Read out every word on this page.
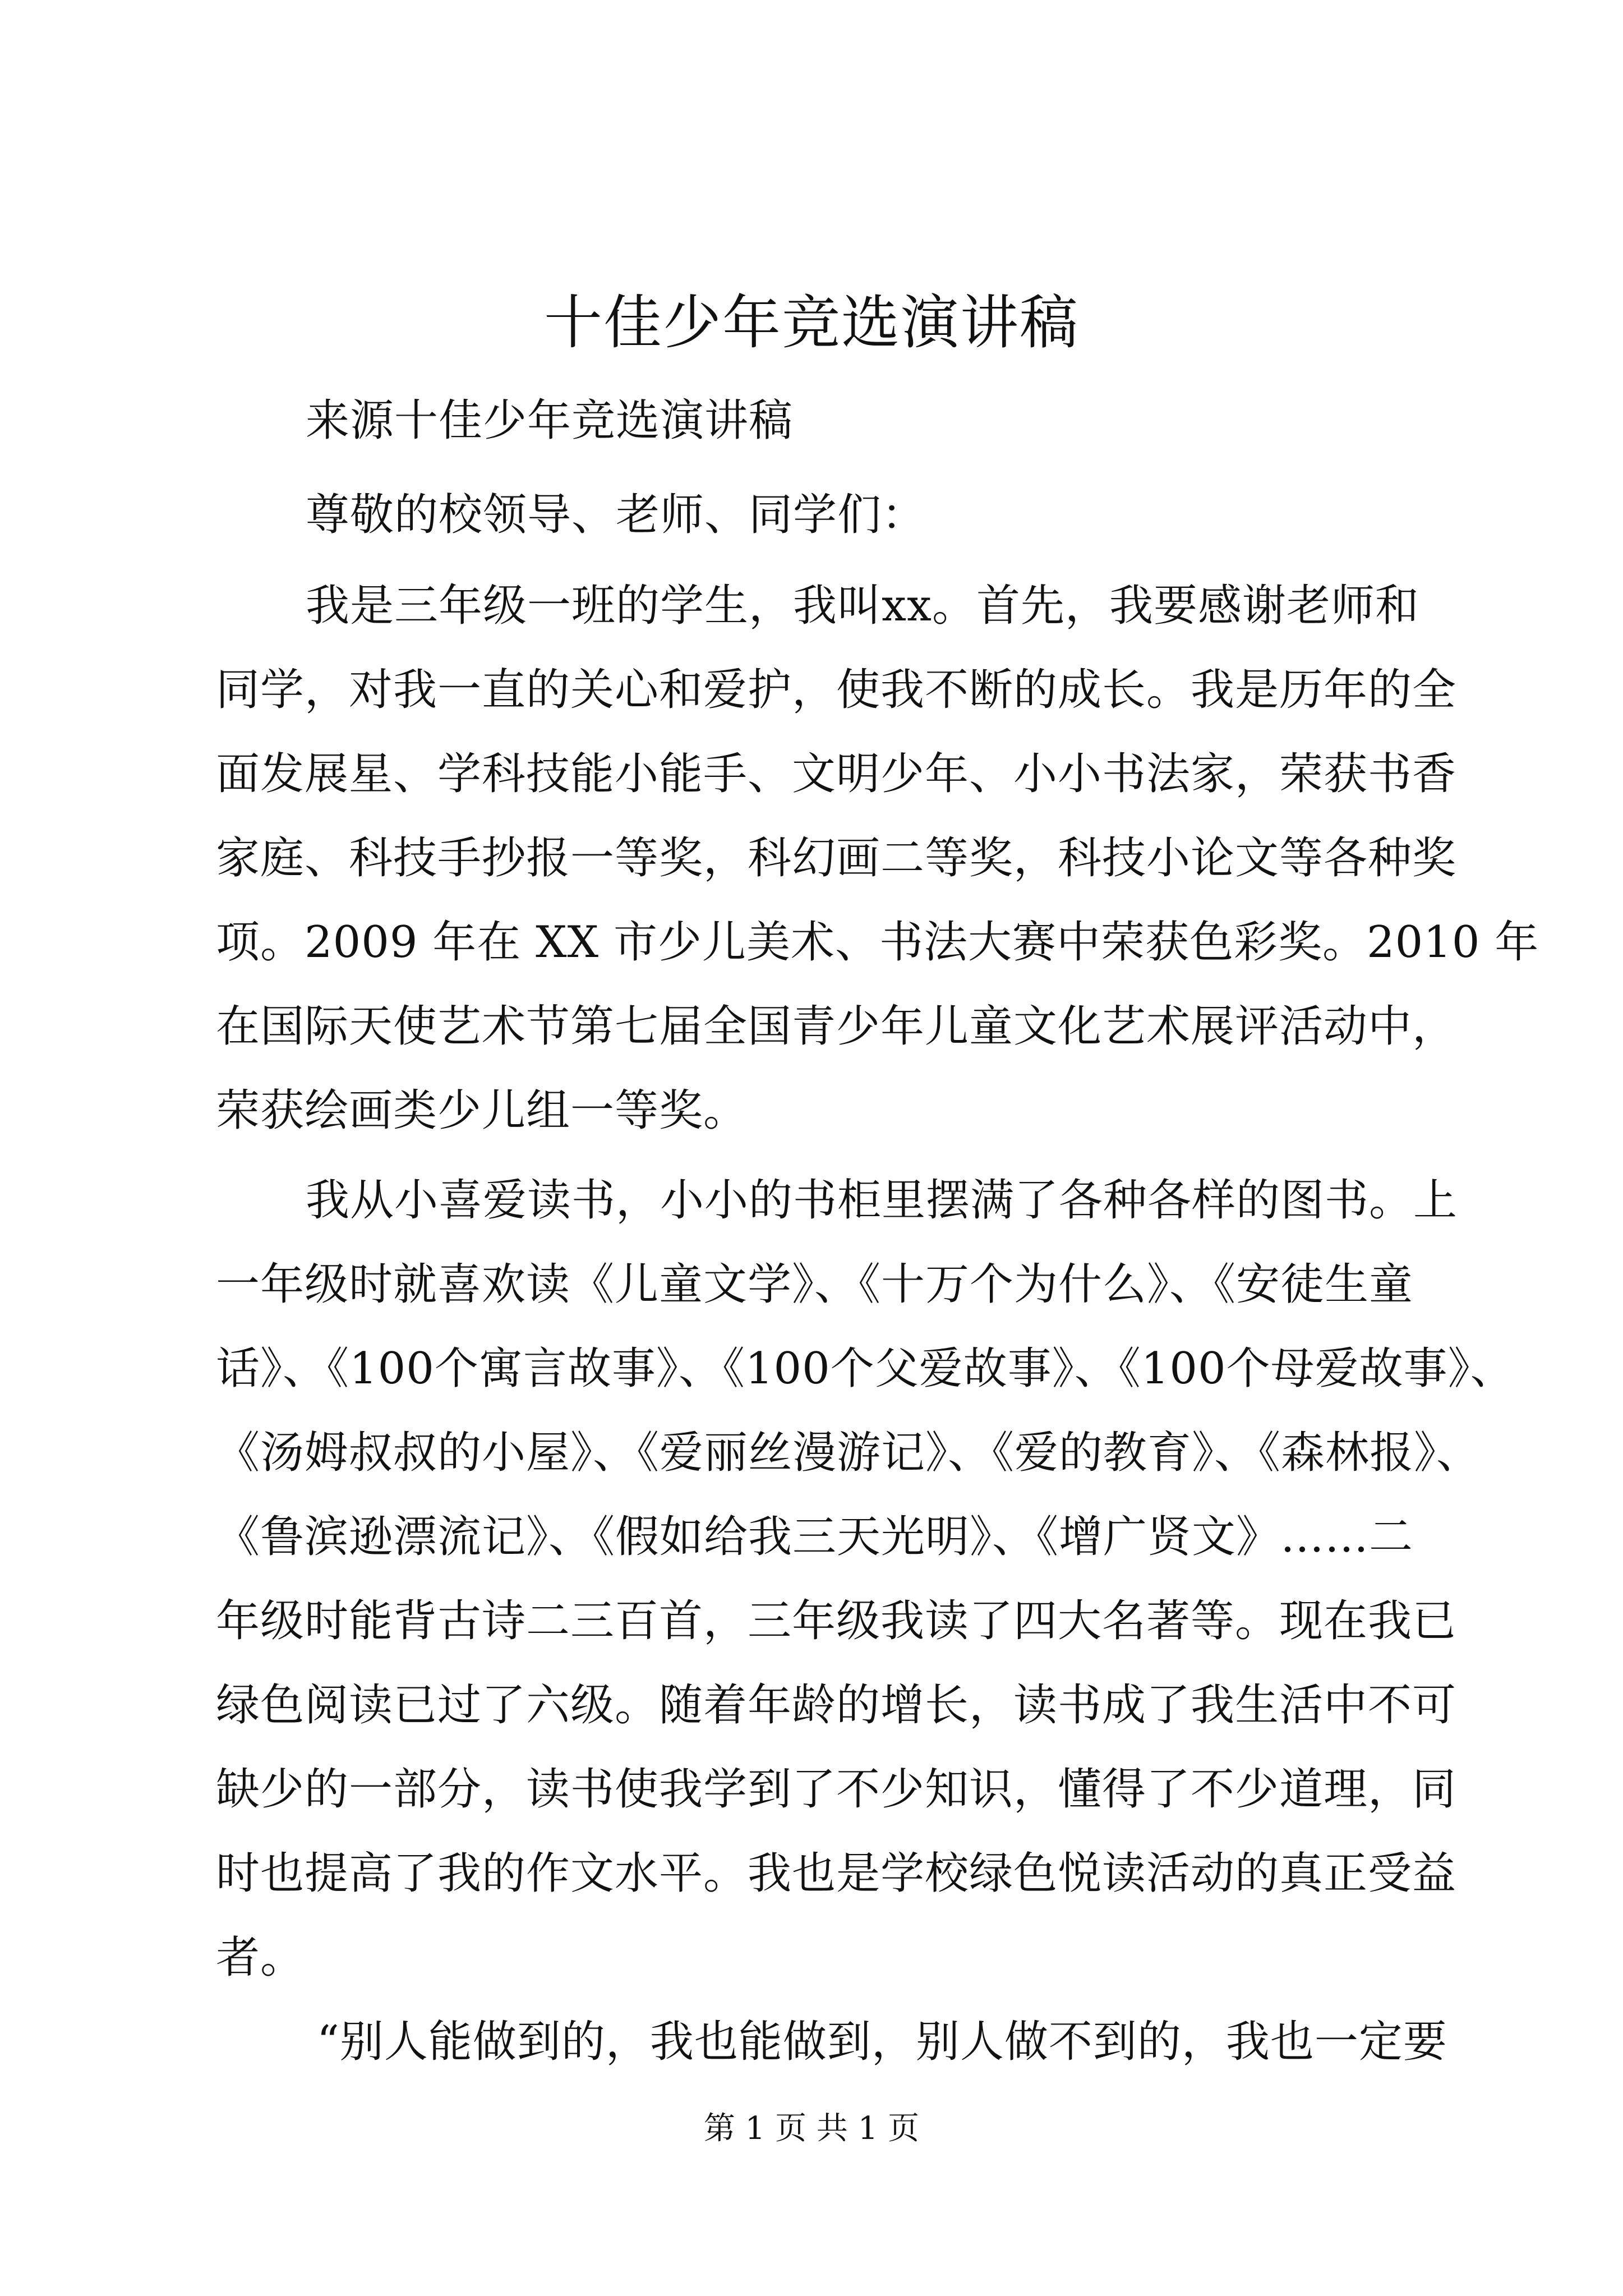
十佳少年竞选演讲稿

来源十佳少年竞选演讲稿

尊敬的校领导、老师、同学们：

我是三年级一班的学生，我叫xx。首先，我要感谢老师和

同学，对我一直的关心和爱护，使我不断的成长。我是历年的全

面发展星、学科技能小能手、文明少年、小小书法家，荣获书香

家庭、科技手抄报一等奖，科幻画二等奖，科技小论文等各种奖

项。2009 年在 XX 市少儿美术、书法大赛中荣获色彩奖。2010 年

在国际天使艺术节第七届全国青少年儿童文化艺术展评活动中，

荣获绘画类少儿组一等奖。

我从小喜爱读书，小小的书柜里摆满了各种各样的图书。上

一年级时就喜欢读《儿童文学》、《十万个为什么》、《安徒生童

话》、《100个寓言故事》、《100个父爱故事》、《100个母爱故事》、

《汤姆叔叔的小屋》、《爱丽丝漫游记》、《爱的教育》、《森林报》、

《鲁滨逊漂流记》、《假如给我三天光明》、《增广贤文》……二

年级时能背古诗二三百首，三年级我读了四大名著等。现在我已

绿色阅读已过了六级。随着年龄的增长，读书成了我生活中不可

缺少的一部分，读书使我学到了不少知识，懂得了不少道理，同

时也提高了我的作文水平。我也是学校绿色悦读活动的真正受益

者。

“别人能做到的，我也能做到，别人做不到的，我也一定要

第 1 页 共 1 页
